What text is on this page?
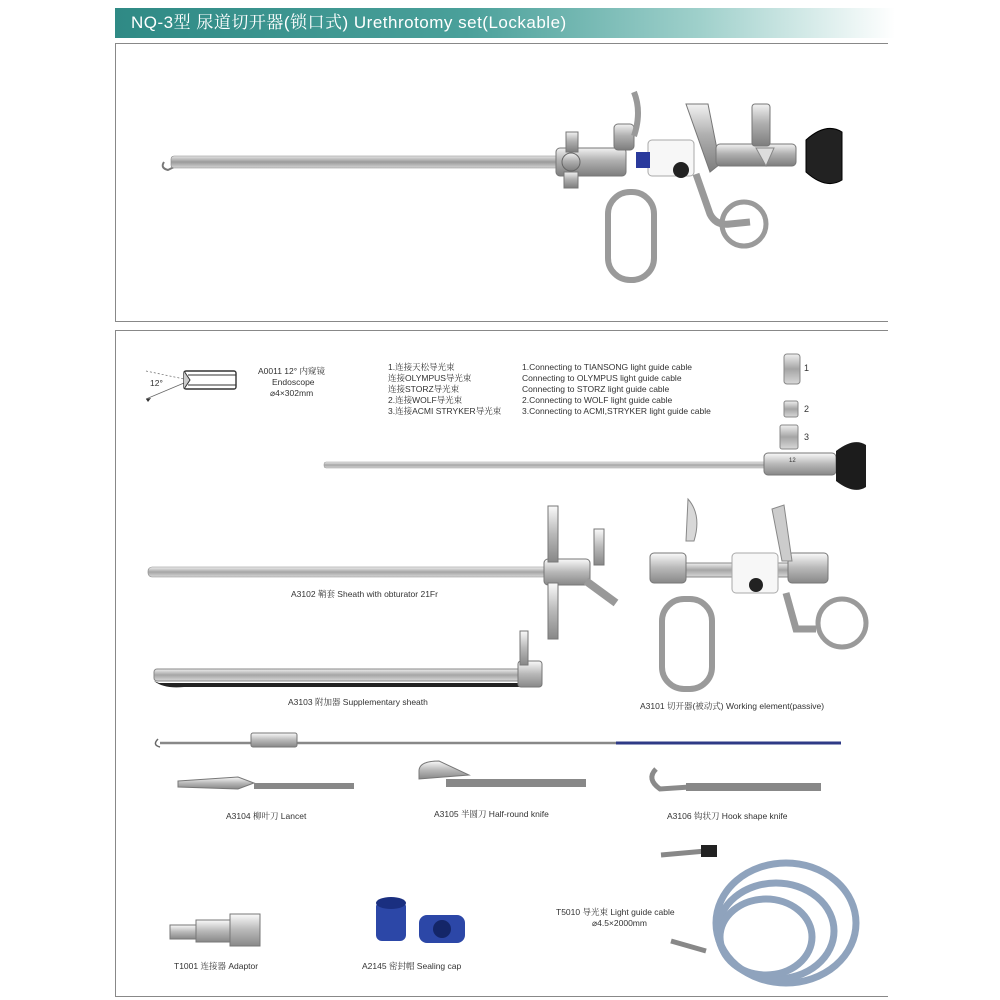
NQ-3型 尿道切开器(锁口式) Urethrotomy set(Lockable)
A0011 12° 内窥镜
Endoscope
⌀4×302mm
12°
1.连接天松导光束
连接OLYMPUS导光束
连接STORZ导光束
2.连接WOLF导光束
3.连接ACMI STRYKER导光束
1.Connecting to TIANSONG light guide cable
Connecting to OLYMPUS light guide cable
Connecting to STORZ light guide cable
2.Connecting to WOLF light guide cable
3.Connecting to ACMI,STRYKER light guide cable
1
2
3
12
A3102 鞘套 Sheath with obturator 21Fr
A3103 附加器 Supplementary sheath	A3101 切开器(被动式) Working element(passive)
A3104 柳叶刀 Lancet	A3105 半圆刀 Half-round knife	A3106 钩状刀 Hook shape knife
T5010 导光束 Light guide cable
⌀4.5×2000mm
T1001 连接器 Adaptor	A2145 密封帽 Sealing cap
